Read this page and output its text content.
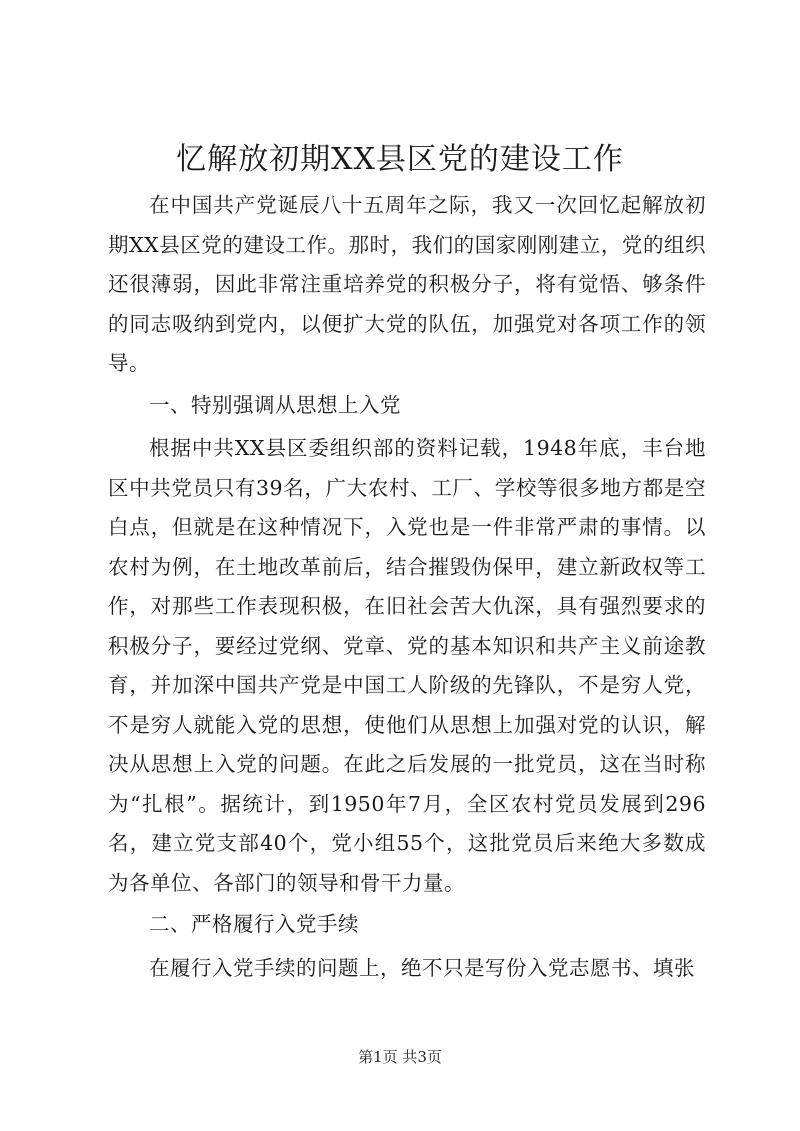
忆解放初期XX县区党的建设工作

在中国共产党诞辰八十五周年之际，我又一次回忆起解放初期XX县区党的建设工作。那时，我们的国家刚刚建立，党的组织还很薄弱，因此非常注重培养党的积极分子，将有觉悟、够条件的同志吸纳到党内，以便扩大党的队伍，加强党对各项工作的领导。

一、特别强调从思想上入党

根据中共XX县区委组织部的资料记载，1948年底，丰台地区中共党员只有39名，广大农村、工厂、学校等很多地方都是空白点，但就是在这种情况下，入党也是一件非常严肃的事情。以农村为例，在土地改革前后，结合摧毁伪保甲，建立新政权等工作，对那些工作表现积极，在旧社会苦大仇深，具有强烈要求的积极分子，要经过党纲、党章、党的基本知识和共产主义前途教育，并加深中国共产党是中国工人阶级的先锋队，不是穷人党，不是穷人就能入党的思想，使他们从思想上加强对党的认识，解决从思想上入党的问题。在此之后发展的一批党员，这在当时称为“扎根”。据统计，到1950年7月，全区农村党员发展到296名，建立党支部40个，党小组55个，这批党员后来绝大多数成为各单位、各部门的领导和骨干力量。

二、严格履行入党手续

在履行入党手续的问题上，绝不只是写份入党志愿书、填张

第1页 共3页
